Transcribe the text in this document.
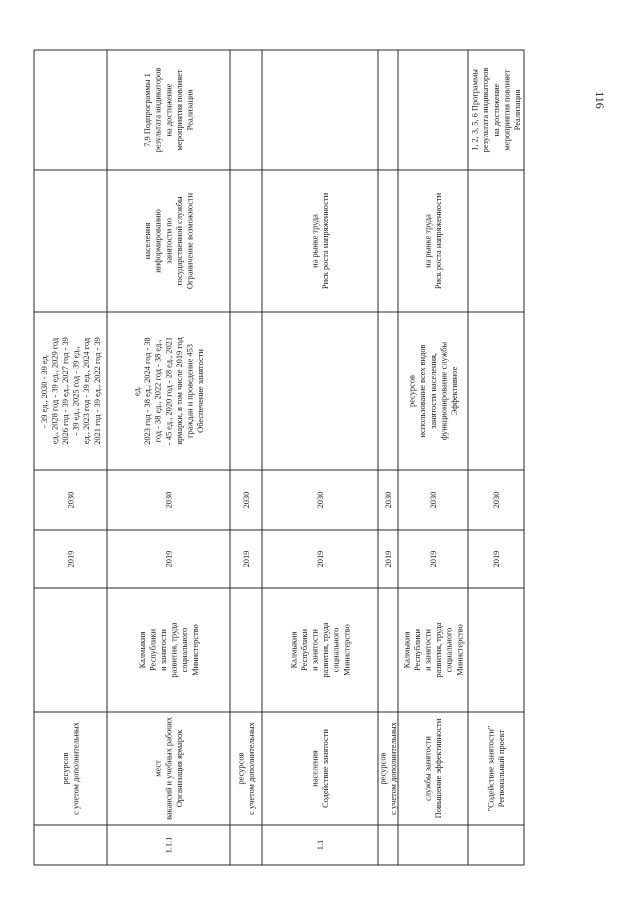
Региональный проект
"Содействие занятости"
2019
2030
Реализация
мероприятия повлияет
на достижение
результата индикаторов
1, 2, 3, 5, 6 Программы
Повышение эффективности
службы занятости
Министерство
социального
развития, труда
и занятости
Республики
Калмыкия
2019
2030
Эффективное
функционирование службы
занятости населения,
использование всех видов
ресурсов
Риск роста напряженности
на рынке труда
с учетом дополнительных
ресурсов
2019
2030
1.1
Содействие занятости
населения
Министерство
социального
развития, труда
и занятости
Республики
Калмыкия
2019
2030
Риск роста напряженности
на рынке труда
с учетом дополнительных
ресурсов
2019
2030
1.1.1
Организация ярмарок
вакансий и учебных рабочих
мест
Министерство
социального
развития, труда
и занятости
Республики
Калмыкия
2019
2030
Обеспечение занятости
граждан и проведение 453
ярмарки, в том числе 2019 год
- 45 ед., 2020 год - 28 ед., 2021
год - 38 ед., 2022 год - 38 ед.,
2023 год - 38 ед., 2024 год - 38
ед.
Ограничение возможности
государственной службы
занятости по
информированию
населения
Реализация
мероприятия повлияет
на достижение
результата индикаторов
7,9 Подпрограммы 1
с учетом дополнительных
ресурсов
2019
2030
2021 год - 39 ед., 2022 год - 39
ед., 2023 год - 39 ед., 2024 год
- 39 ед., 2025 год - 39 ед.,
2026 год - 39 ед., 2027 год - 39
ед., 2028 год - 39 ед., 2029 год
- 39 ед., 2030 - 39 ед.
116
